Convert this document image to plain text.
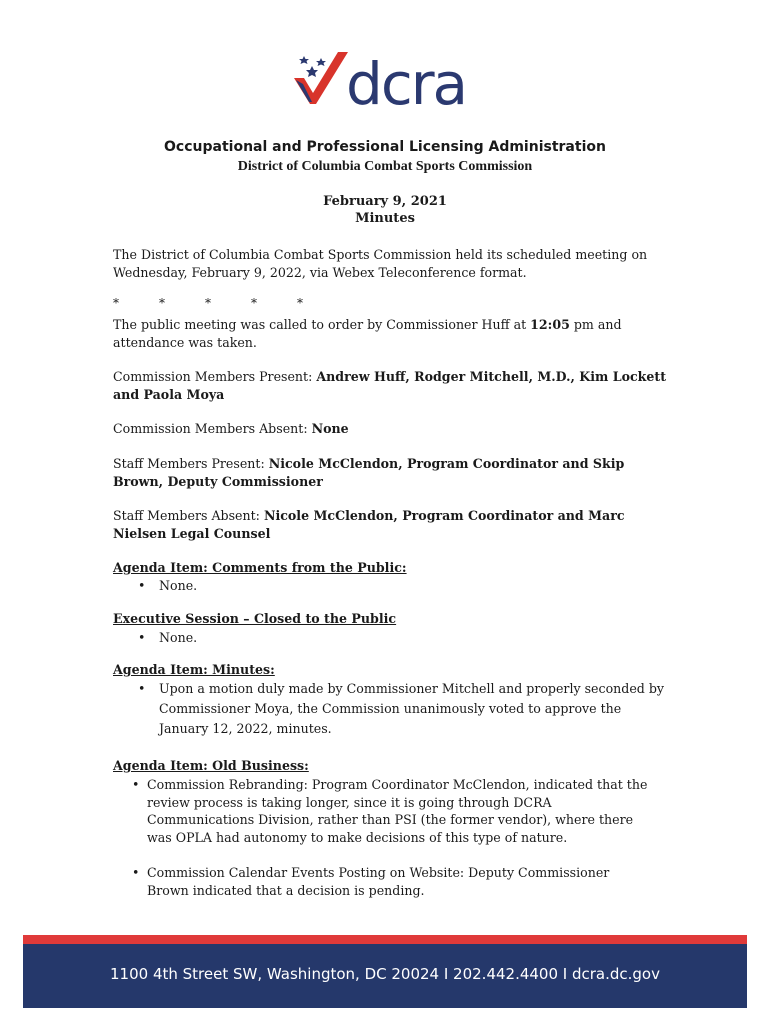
dcra
Occupational and Professional Licensing Administration
District of Columbia Combat Sports Commission
February 9, 2021
Minutes
The District of Columbia Combat Sports Commission held its scheduled meeting on Wednesday, February 9, 2022, via Webex Teleconference format.
*	*	*	*	*
The public meeting was called to order by Commissioner Huff at 12:05 pm and attendance was taken.
Commission Members Present: Andrew Huff, Rodger Mitchell, M.D., Kim Lockett and Paola Moya
Commission Members Absent: None
Staff Members Present: Nicole McClendon, Program Coordinator and Skip Brown, Deputy Commissioner
Staff Members Absent: Nicole McClendon, Program Coordinator and Marc Nielsen Legal Counsel
Agenda Item: Comments from the Public:
• None.
Executive Session – Closed to the Public
• None.
Agenda Item: Minutes:
• Upon a motion duly made by Commissioner Mitchell and properly seconded by Commissioner Moya, the Commission unanimously voted to approve the January 12, 2022, minutes.
Agenda Item: Old Business:
• Commission Rebranding: Program Coordinator McClendon, indicated that the review process is taking longer, since it is going through DCRA Communications Division, rather than PSI (the former vendor), where there was OPLA had autonomy to make decisions of this type of nature.
• Commission Calendar Events Posting on Website: Deputy Commissioner Brown indicated that a decision is pending.
1100 4th Street SW, Washington, DC 20024 I 202.442.4400 I dcra.dc.gov
